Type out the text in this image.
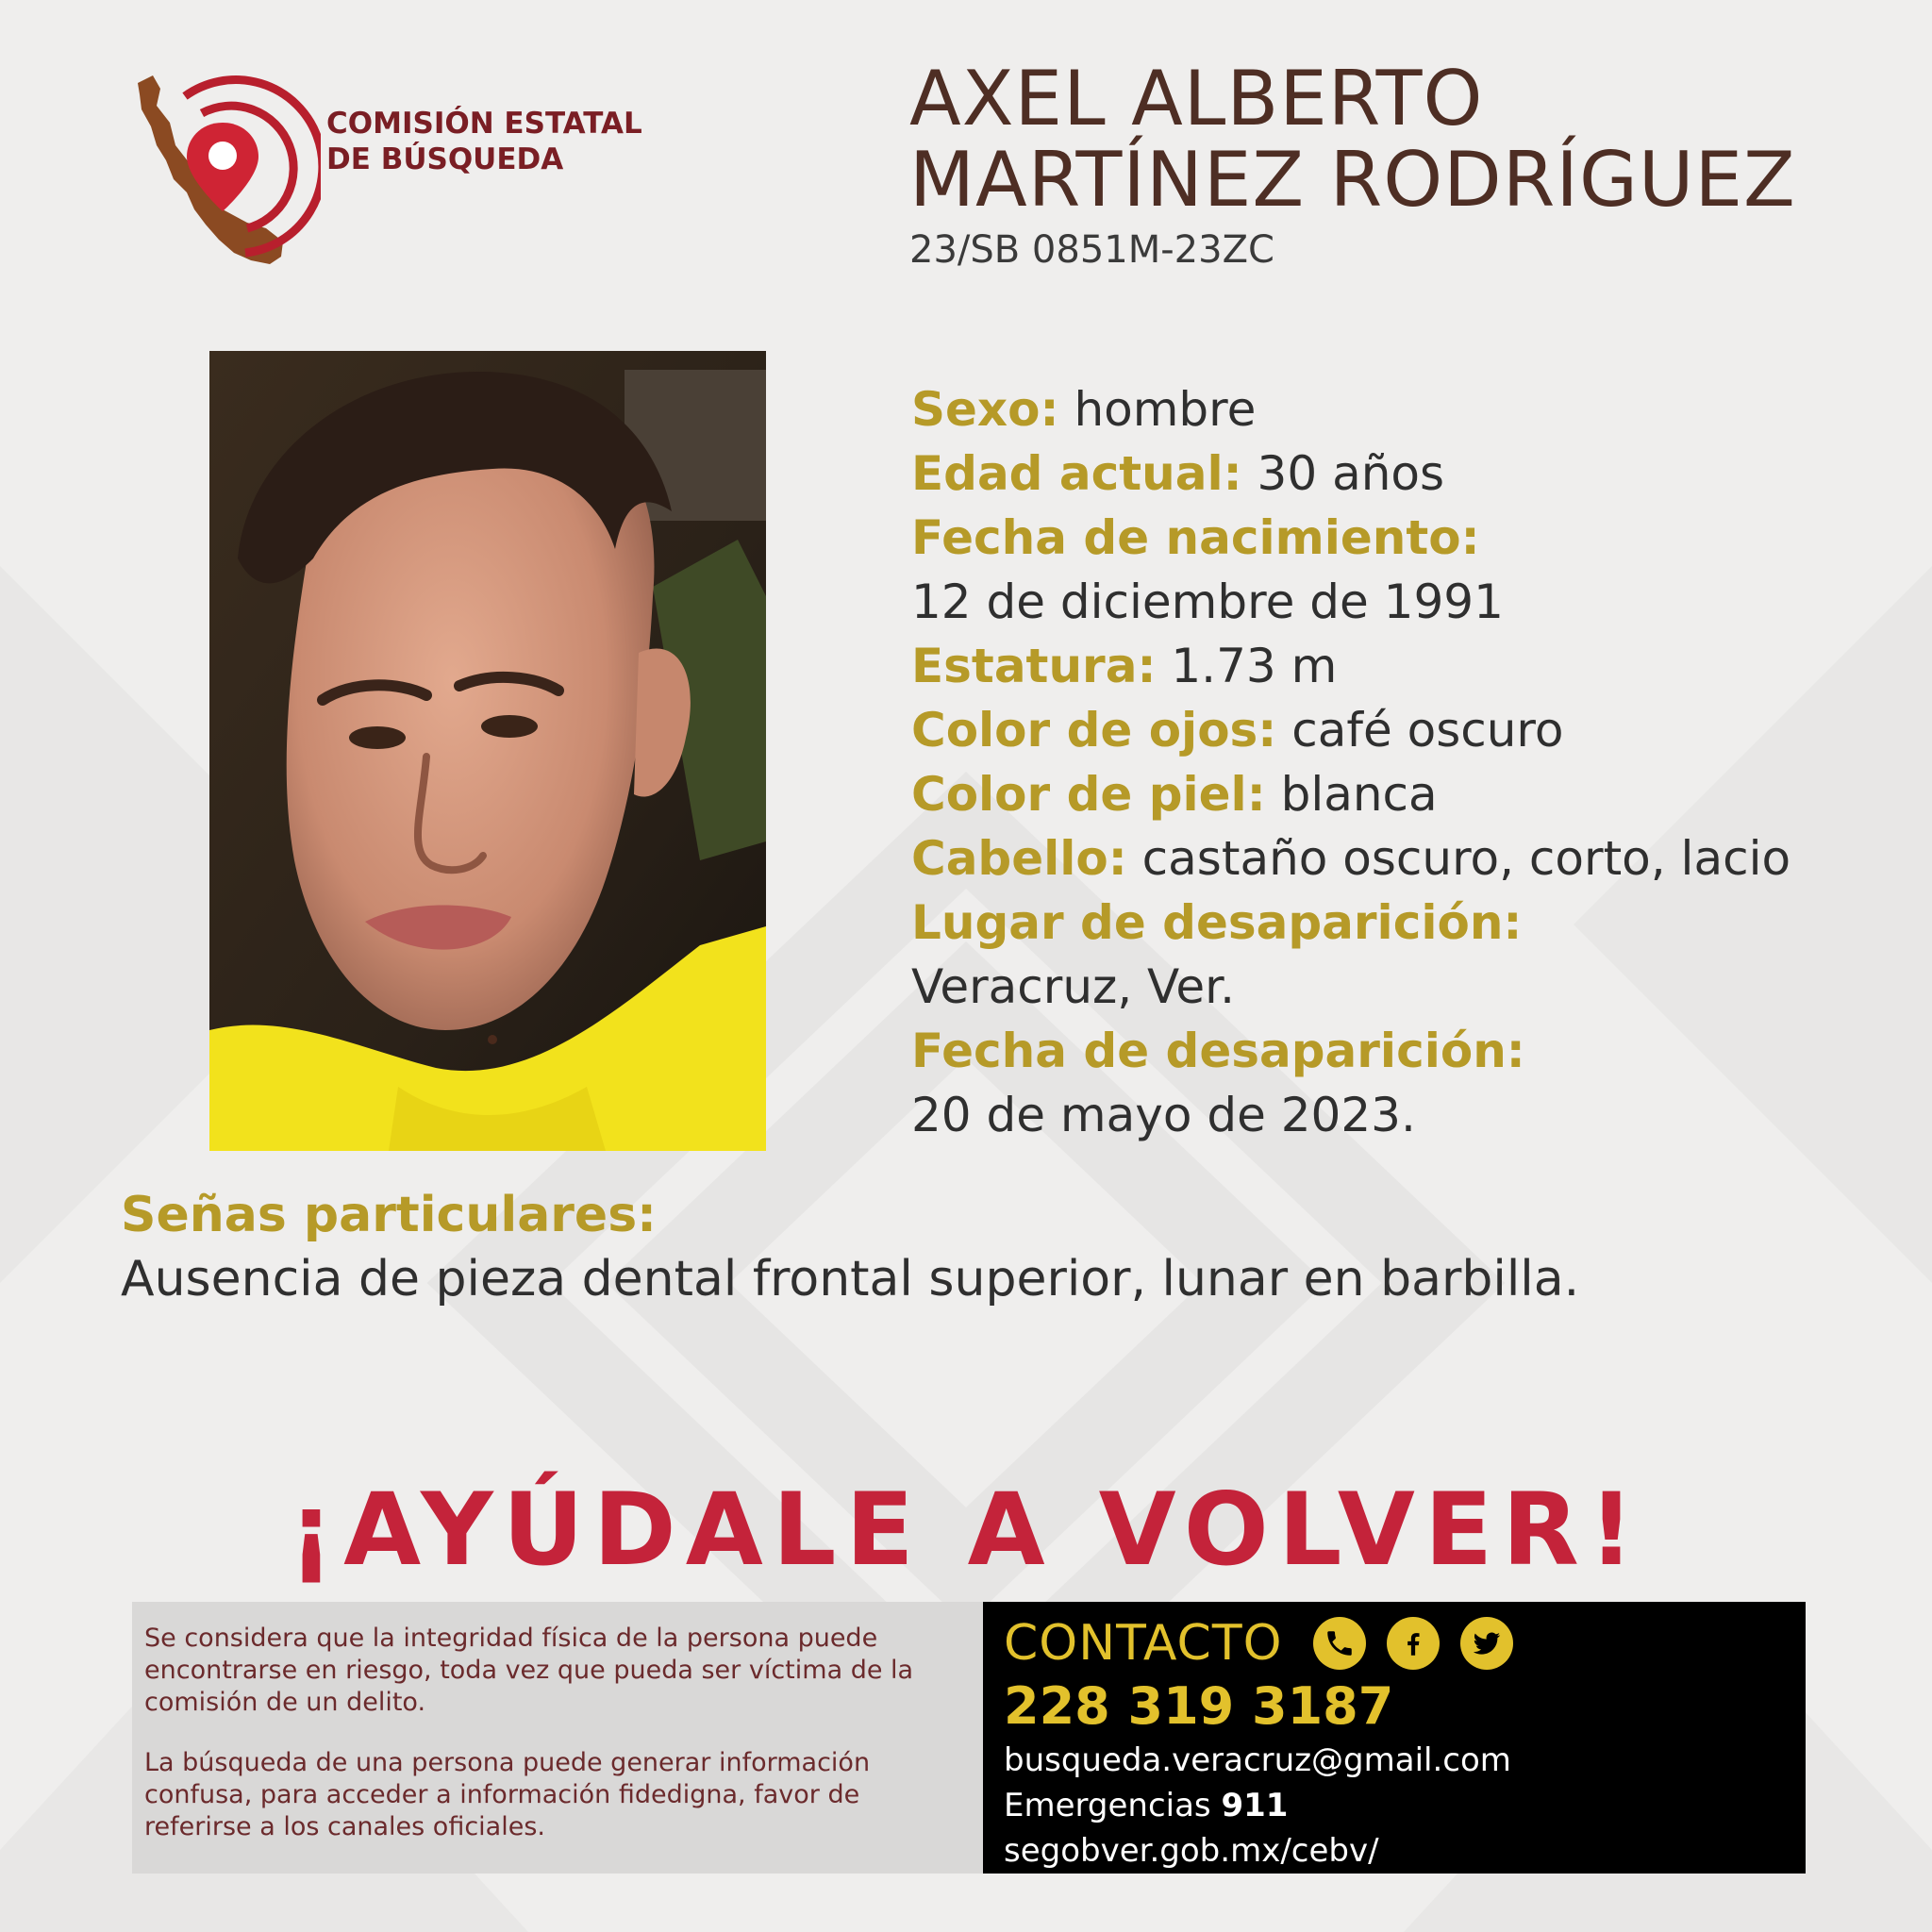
COMISIÓN ESTATAL
DE BÚSQUEDA
AXEL ALBERTO
MARTÍNEZ RODRÍGUEZ
23/SB 0851M-23ZC
Sexo: hombre
Edad actual: 30 años
Fecha de nacimiento:
12 de diciembre de 1991
Estatura: 1.73 m
Color de ojos: café oscuro
Color de piel: blanca
Cabello: castaño oscuro, corto, lacio
Lugar de desaparición:
Veracruz, Ver.
Fecha de desaparición:
20 de mayo de 2023.
Señas particulares:
Ausencia de pieza dental frontal superior, lunar en barbilla.
¡AYÚDALE A VOLVER!

Se considera que la integridad física de la persona puede encontrarse en riesgo, toda vez que pueda ser víctima de la comisión de un delito.

La búsqueda de una persona puede generar información confusa, para acceder a información fidedigna, favor de referirse a los canales oficiales.

CONTACTO
228 319 3187
busqueda.veracruz@gmail.com
Emergencias 911
segobver.gob.mx/cebv/
